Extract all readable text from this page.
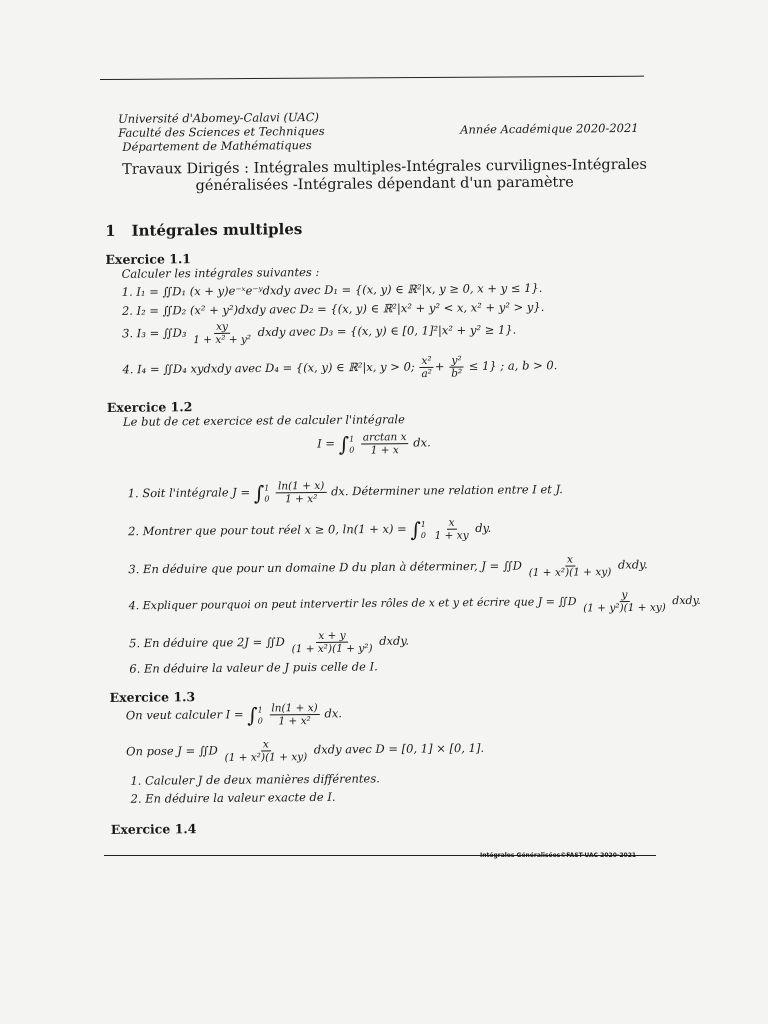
Université d'Abomey-Calavi (UAC)
Faculté des Sciences et Techniques
Département de Mathématiques
Année Académique 2020-2021
Travaux Dirigés : Intégrales multiples-Intégrales curvilignes-Intégrales
généralisées -Intégrales dépendant d'un paramètre
1 Intégrales multiples
Exercice 1.1
Calculer les intégrales suivantes :
1. I₁ = ∬D₁ (x + y)e⁻ˣe⁻ʸdxdy avec D₁ = {(x, y) ∈ ℝ²|x, y ≥ 0, x + y ≤ 1}.
2. I₂ = ∬D₂ (x² + y²)dxdy avec D₂ = {(x, y) ∈ ℝ²|x² + y² < x, x² + y² > y}.
3. I₃ = ∬D₃ $\frac{xy}{\text{1 + x² + y²}}$ dxdy avec D₃ = {(x, y) ∈ [0, 1]²|x² + y² ≥ 1}.
4. I₄ = ∬D₄ xydxdy avec D₄ = {(x, y) ∈ ℝ²|x, y > 0; $\frac{\text{x²}}{\text{a²}} + \frac{\text{y²}}{\text{b²}} \le 1$} ; a, b > 0.
Exercice 1.2
Le but de cet exercice est de calculer l'intégrale
I = ∫ 1
0
$\frac{\text{arctan x}}{1 + x}$ dx.
1. Soit l'intégrale J = ∫ 1
0
$\frac{\ln(1 + x)}{\text{1 + x²}}$ dx. Déterminer une relation entre I et J.
2. Montrer que pour tout réel x ≥ 0, ln(1 + x) = ∫ 1
0
$\frac{x}{1 + xy}$ dy.
3. En déduire que pour un domaine D du plan à déterminer, J = ∬D $\frac{x}{\text{(1 + x²)(1 + xy)}}$ dxdy.
4. Expliquer pourquoi on peut intervertir les rôles de x et y et écrire que J = ∬D $\frac{y}{\text{(1 + y²)(1 + xy)}}$ dxdy.
5. En déduire que 2J = ∬D $\frac{x + y}{\text{(1 + x²)(1 + y²)}}$ dxdy.
6. En déduire la valeur de J puis celle de I.
Exercice 1.3
On veut calculer I = ∫ 1
0
$\frac{\ln(1 + x)}{\text{1 + x²}}$ dx.
On pose J = ∬D $\frac{x}{\text{(1 + x²)(1 + xy)}}$ dxdy avec D = [0, 1] × [0, 1].
1. Calculer J de deux manières différentes.
2. En déduire la valeur exacte de I.
Exercice 1.4
Intégrales Généralisées©FAST-UAC 2020-2021
